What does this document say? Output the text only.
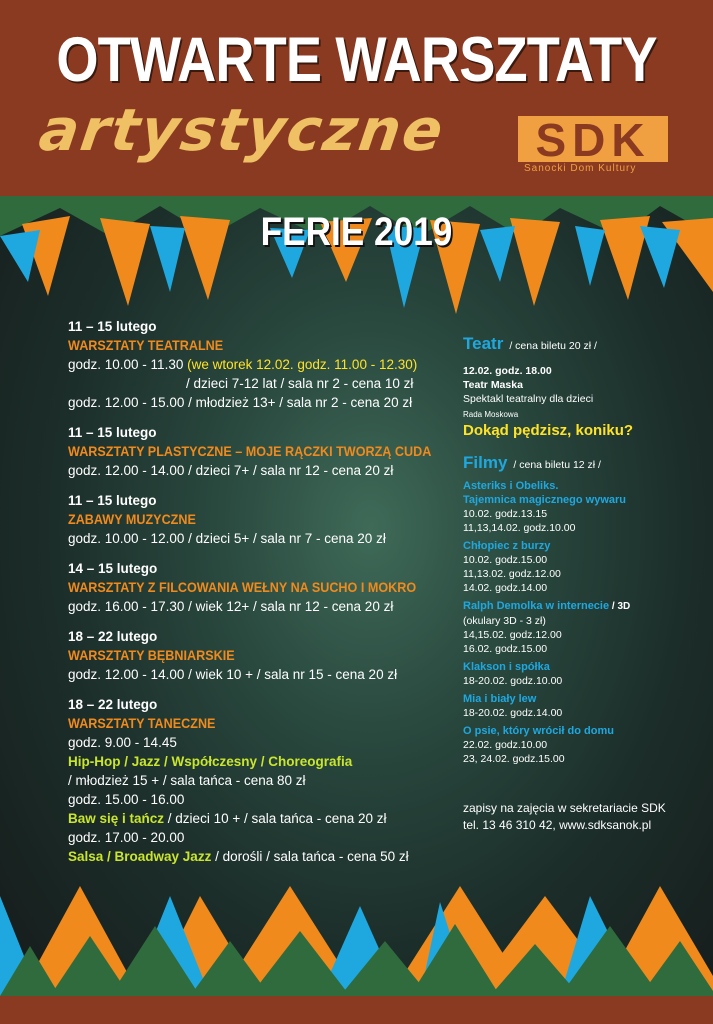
OTWARTE WARSZTATY
artystyczne SDK
Sanocki Dom Kultury
FERIE 2019
11 – 15 lutego
WARSZTATY TEATRALNE
godz. 10.00 - 11.30 (we wtorek 12.02. godz. 11.00 - 12.30)
/ dzieci 7-12 lat / sala nr 2 - cena 10 zł
godz. 12.00 - 15.00 / młodzież 13+ / sala nr 2 - cena 20 zł
11 – 15 lutego
WARSZTATY PLASTYCZNE – MOJE RĄCZKI TWORZĄ CUDA
godz. 12.00 - 14.00 / dzieci 7+ / sala nr 12 - cena 20 zł
11 – 15 lutego
ZABAWY MUZYCZNE
godz. 10.00 - 12.00 / dzieci 5+ / sala nr 7 - cena 20 zł
14 – 15 lutego
WARSZTATY Z FILCOWANIA WEŁNY NA SUCHO I MOKRO
godz. 16.00 - 17.30 / wiek 12+ / sala nr 12 - cena 20 zł
18 – 22 lutego
WARSZTATY BĘBNIARSKIE
godz. 12.00 - 14.00 / wiek 10 + / sala nr 15 - cena 20 zł
18 – 22 lutego
WARSZTATY TANECZNE
godz. 9.00 - 14.45
Hip-Hop / Jazz / Współczesny / Choreografia
/ młodzież 15 + / sala tańca - cena 80 zł
godz. 15.00 - 16.00
Baw się i tańcz / dzieci 10 + / sala tańca - cena 20 zł
godz. 17.00 - 20.00
Salsa / Broadway Jazz / dorośli / sala tańca - cena 50 zł
Teatr / cena biletu 20 zł /
12.02. godz. 18.00
Teatr Maska
Spektakl teatralny dla dzieci
Rada Moskowa
Dokąd pędzisz, koniku?
Filmy / cena biletu 12 zł /
Asteriks i Obeliks.
Tajemnica magicznego wywaru
10.02. godz.13.15
11,13,14.02. godz.10.00
Chłopiec z burzy
10.02. godz.15.00
11,13.02. godz.12.00
14.02. godz.14.00
Ralph Demolka w internecie / 3D
(okulary 3D - 3 zł)
14,15.02. godz.12.00
16.02. godz.15.00
Klakson i spółka
18-20.02. godz.10.00
Mia i biały lew
18-20.02. godz.14.00
O psie, który wrócił do domu
22.02. godz.10.00
23, 24.02. godz.15.00
zapisy na zajęcia w sekretariacie SDK
tel. 13 46 310 42, www.sdksanok.pl
